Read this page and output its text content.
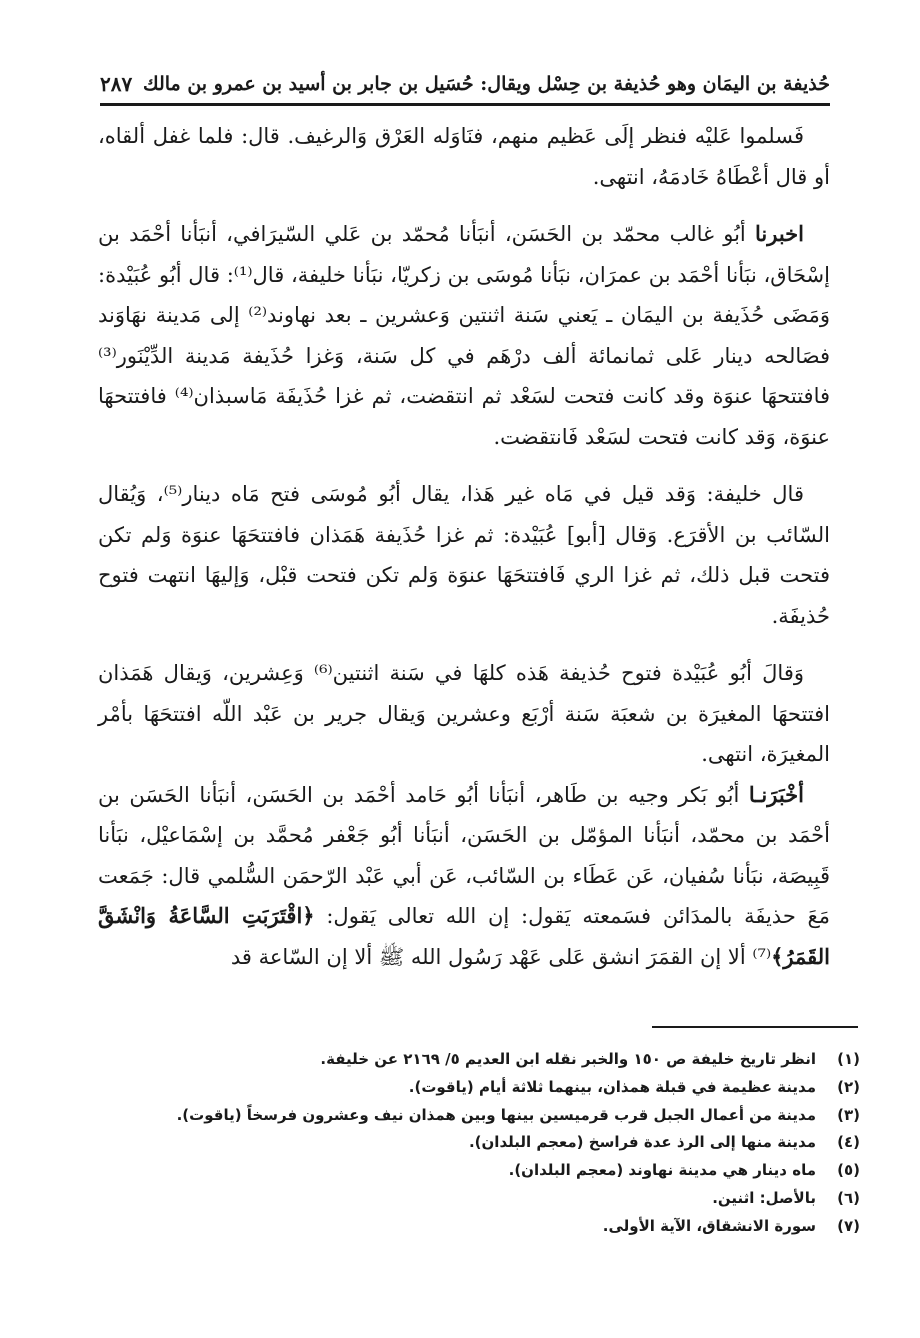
حُذيفة بن اليمَان وهو حُذيفة بن حِسْل ويقال: حُسَيل بن جابر بن أسيد بن عمرو بن مالك
٢٨٧

فَسلموا عَليْه فنظر إلَى عَظيم منهم، فنَاوَله العَرْق وَالرغيف. قال: فلما غفل ألقاه، أو قال أعْطَاهُ خَادمَهُ، انتهى.

اخبرنا أبُو غالب محمّد بن الحَسَن، أنبَأنا مُحمّد بن عَلي السّيرَافي، أنبَأنا أحْمَد بن إسْحَاق، نبَأنا أحْمَد بن عمرَان، نبَأنا مُوسَى بن زكريّا، نبَأنا خليفة، قال⁽¹⁾: قال أبُو عُبَيْدة: وَمَضَى حُذَيفة بن اليمَان ـ يَعني سَنة اثنتين وَعشرين ـ بعد نهاوند⁽²⁾ إلى مَدينة نهَاوَند فصَالحه دينار عَلى ثمانمائة ألف درْهَم في كل سَنة، وَغزا حُذَيفة مَدينة الدِّيْنَور⁽³⁾ فافتتحهَا عنوَة وقد كانت فتحت لسَعْد ثم انتقضت، ثم غزا حُذَيفَة مَاسبذان⁽⁴⁾ فافتتحهَا عنوَة، وَقد كانت فتحت لسَعْد فَانتقضت.

قال خليفة: وَقد قيل في مَاه غير هَذا، يقال أبُو مُوسَى فتح مَاه دينار⁽⁵⁾، وَيُقال السّائب بن الأقرَع. وَقال [أبو] عُبَيْدة: ثم غزا حُذَيفة هَمَذان فافتتحَهَا عنوَة وَلم تكن فتحت قبل ذلك، ثم غزا الري فَافتتحَهَا عنوَة وَلم تكن فتحت قبْل، وَإليهَا انتهت فتوح حُذيفَة.

وَقالَ أبُو عُبَيْدة فتوح حُذيفة هَذه كلهَا في سَنة اثنتين⁽⁶⁾ وَعِشرين، وَيقال هَمَذان افتتحهَا المغيرَة بن شعبَة سَنة أرْبَع وعشرين وَيقال جرير بن عَبْد اللّه افتتحَهَا بأمْر المغيرَة، انتهى.

أخْبَرَنـا أبُو بَكر وجيه بن طَاهر، أنبَأنا أبُو حَامد أحْمَد بن الحَسَن، أنبَأنا الحَسَن بن أحْمَد بن محمّد، أنبَأنا المؤمّل بن الحَسَن، أنبَأنا أبُو جَعْفر مُحمَّد بن إسْمَاعيْل، نبَأنا قَبِيصَة، نبَأنا سُفيان، عَن عَطَاء بن السّائب، عَن أبي عَبْد الرّحمَن السُّلمي قال: جَمَعت مَعَ حذيفَة بالمدَائن فسَمعته يَقول: إن الله تعالى يَقول: ﴿اقْتَرَبَتِ السَّاعَةُ وَانْشَقَّ القَمَرُ﴾⁽⁷⁾ ألا إن القمَرَ انشق عَلى عَهْد رَسُول الله ﷺ ألا إن السّاعة قد

(١)
انظر تاريخ خليفة ص ١٥٠ والخبر نقله ابن العديم ٥/ ٢١٦٩ عن خليفة.
(٢)
مدينة عظيمة في قبلة همذان، بينهما ثلاثة أيام (ياقوت).
(٣)
مدينة من أعمال الجبل قرب قرميسين بينها وبين همذان نيف وعشرون فرسخاً (ياقوت).
(٤)
مدينة منها إلى الرذ عدة فراسخ (معجم البلدان).
(٥)
ماه دينار هي مدينة نهاوند (معجم البلدان).
(٦)
بالأصل: اثنين.
(٧)
سورة الانشقاق، الآية الأولى.
